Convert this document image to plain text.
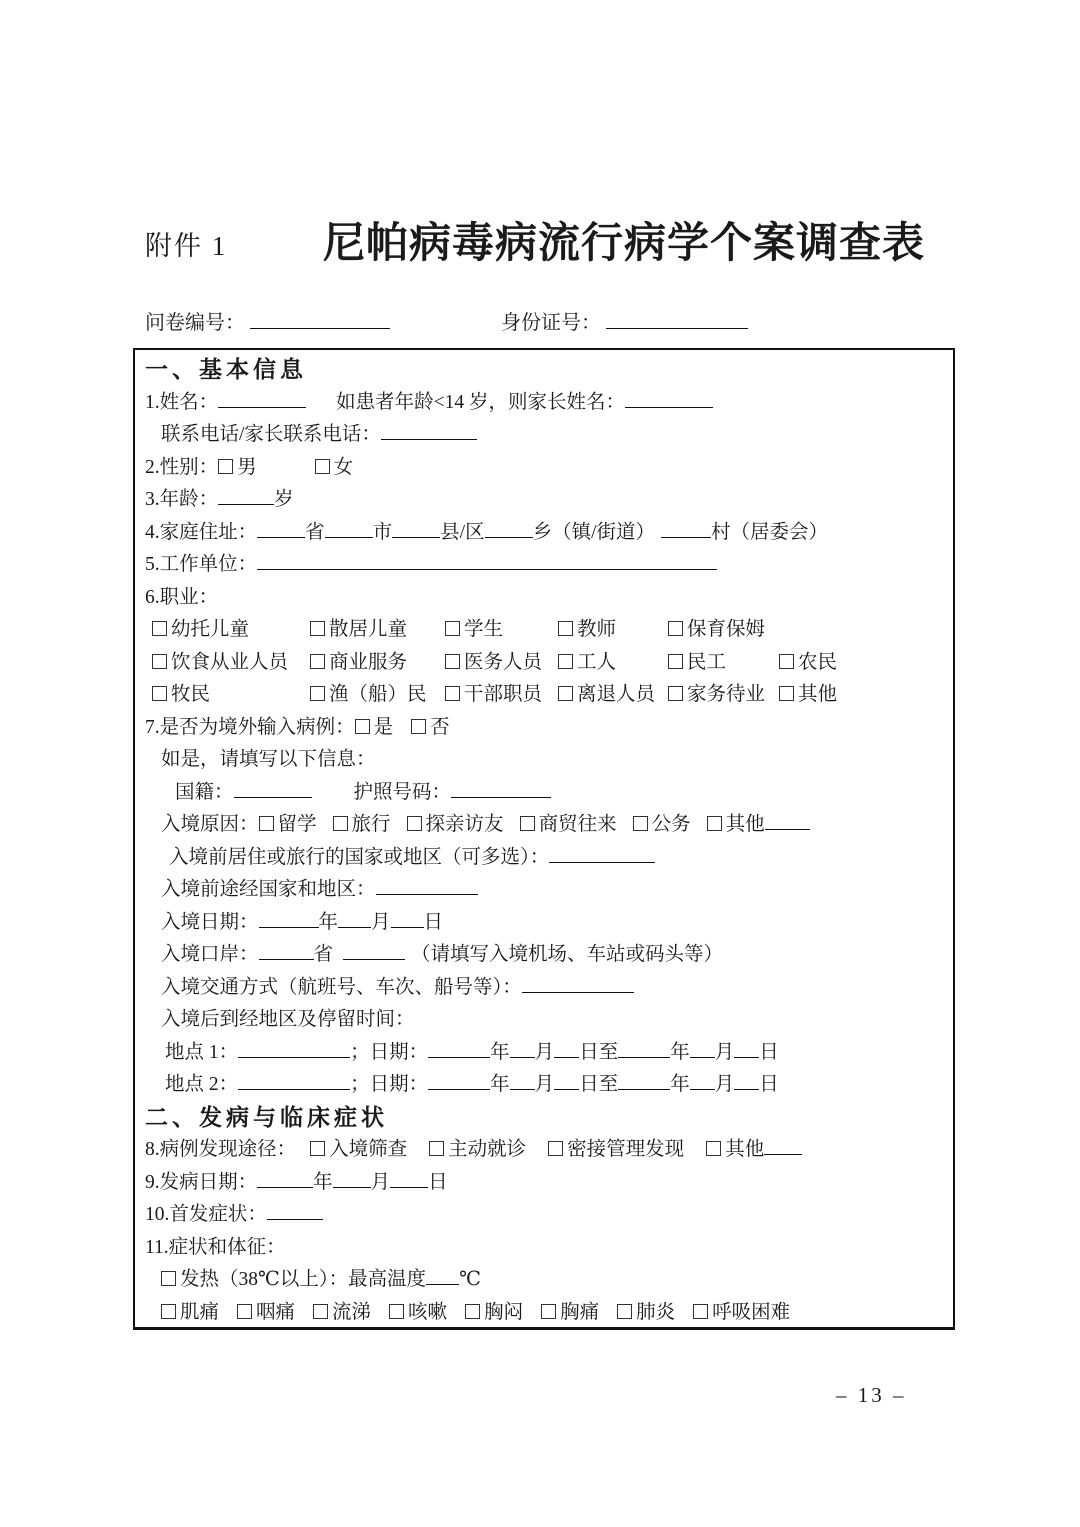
附件 1 尼帕病毒病流行病学个案调查表
问卷编号：	身份证号：
一、基本信息
1.姓名：	如患者年龄<14 岁，则家长姓名：
联系电话/家长联系电话：
2.性别： 男	女
3.年龄：	岁
4.家庭住址： 省 市 县/区 乡（镇/街道）	村（居委会）
5.工作单位：
6.职业：
幼托儿童	散居儿童	学生	教师	保育保姆
饮食从业人员 商业服务	医务人员 工人	民工	农民
牧民	渔（船）民 干部职员 离退人员 家务待业 其他
7.是否为境外输入病例： 是 否
如是，请填写以下信息：
国籍：	护照号码：
入境原因： 留学 旅行 探亲访友 商贸往来 公务 其他
入境前居住或旅行的国家或地区（可多选）：
入境前途经国家和地区：
入境日期：	年 月 日
入境口岸：	省	（请填写入境机场、车站或码头等）
入境交通方式（航班号、车次、船号等）：
入境后到经地区及停留时间：
地点 1：	；日期：	年 月 日至	年 月 日
地点 2：	；日期：	年 月 日至	年 月 日
二、发病与临床症状
8.病例发现途径： 入境筛查 主动就诊 密接管理发现 其他
9.发病日期：	年 月 日
10.首发症状：
11.症状和体征：
发热（38℃以上）：最高温度 ℃
肌痛 咽痛 流涕 咳嗽 胸闷 胸痛 肺炎 呼吸困难
– 13 –
